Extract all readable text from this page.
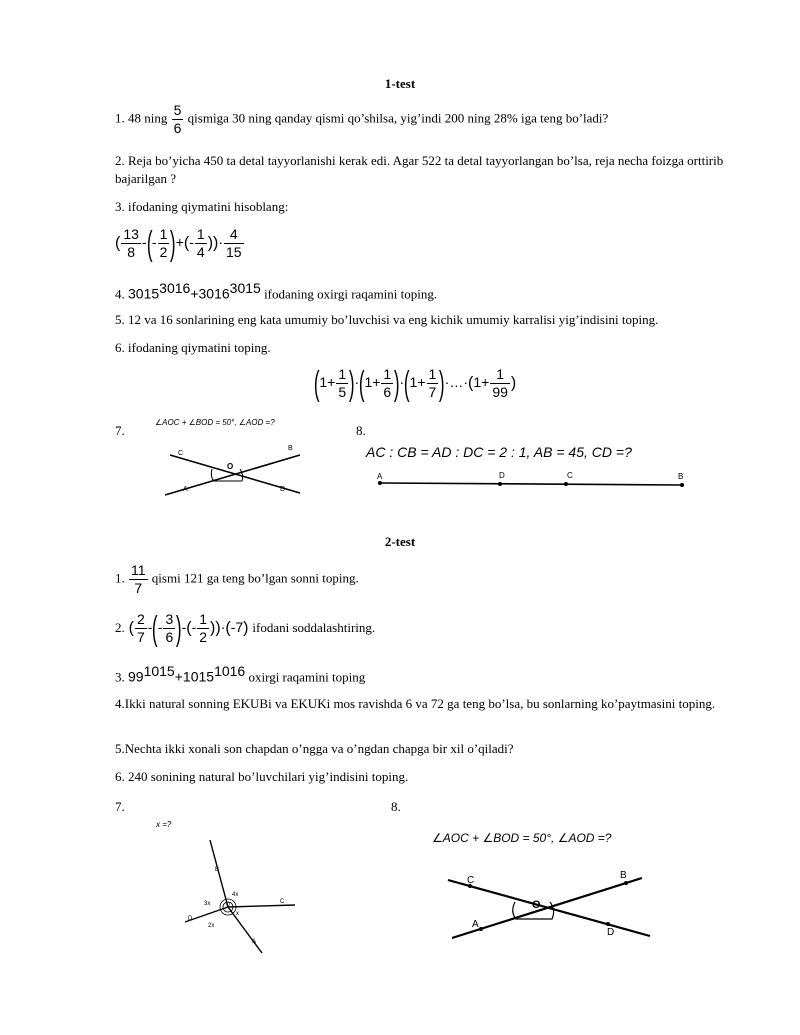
1-test
1. 48 ning $\frac{5}{6}$ qismiga 30 ning qanday qismi qo’shilsa, yig’indi 200 ning 28% iga teng bo’ladi?
2. Reja bo’yicha 450 ta detal tayyorlanishi kerak edi. Agar 522 ta detal tayyorlangan bo’lsa, reja necha foizga orttirib bajarilgan ?
3. ifodaning qiymatini hisoblang:
( $\frac{13}{8}$ -(- $\frac{1}{2}$ )+(- $\frac{1}{4}$ ))· $\frac{4}{15}$
4. $3015^{3016}+3016^{3015}$ ifodaning oxirgi raqamini toping.
5. 12 va 16 sonlarining eng kata umumiy bo’luvchisi va eng kichik umumiy karralisi yig’indisini toping.
6. ifodaning qiymatini toping.
$(1+ \frac{1}{5} )\cdot(1+ \frac{1}{6} )\cdot(1+ \frac{1}{7}$ )·…·(1+ $\frac{1}{99}$ )
7.
∠AOC + ∠BOD = 50°, ∠AOD =?
C
B
A	D
O
8.
AC : CB = AD : DC = 2 : 1, AB = 45, CD =?
A	D	C	B
2-test
1. $\frac{11}{7}$ qismi 121 ga teng bo’lgan sonni toping.
2. ( $\frac{2}{7}$ -(- $\frac{3}{6}$ )-(- $\frac{1}{2} ))\cdot(-7)$ ifodani soddalashtiring.
3. $99^{1015}+1015^{1016}$ oxirgi raqamini toping
4.Ikki natural sonning EKUBi va EKUKi mos ravishda 6 va 72 ga teng bo’lsa, bu sonlarning ko’paytmasini toping.
5.Nechta ikki xonali son chapdan o’ngga va o’ngdan chapga bir xil o’qiladi?
6. 240 sonining natural bo’luvchilari yig’indisini toping.
7.
x =?
B
C
D
A
3x
4x
x
2x
O
8.
∠AOC + ∠BOD = 50°, ∠AOD =?
C	B
A
D
O
